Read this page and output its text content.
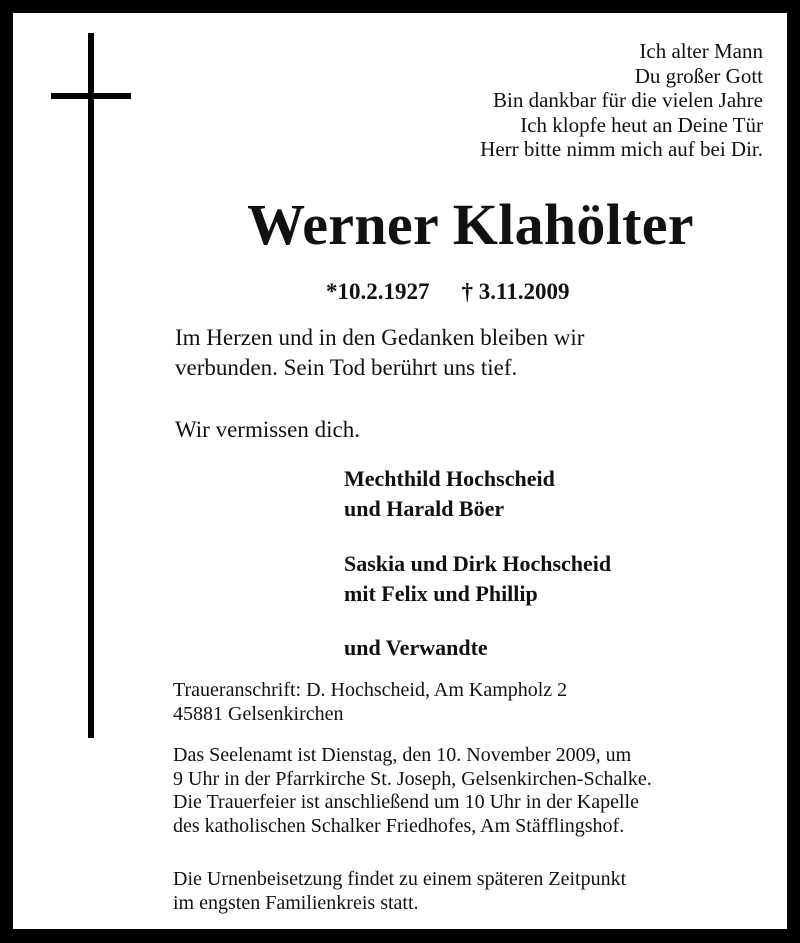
Ich alter Mann
Du großer Gott
Bin dankbar für die vielen Jahre
Ich klopfe heut an Deine Tür
Herr bitte nimm mich auf bei Dir.
Werner Klahölter
*10.2.1927 † 3.11.2009
Im Herzen und in den Gedanken bleiben wir
verbunden. Sein Tod berührt uns tief.
Wir vermissen dich.
Mechthild Hochscheid
und Harald Böer
Saskia und Dirk Hochscheid
mit Felix und Phillip
und Verwandte
Traueranschrift: D. Hochscheid, Am Kampholz 2
45881 Gelsenkirchen
Das Seelenamt ist Dienstag, den 10. November 2009, um
9 Uhr in der Pfarrkirche St. Joseph, Gelsenkirchen-Schalke.
Die Trauerfeier ist anschließend um 10 Uhr in der Kapelle
des katholischen Schalker Friedhofes, Am Stäfflingshof.
Die Urnenbeisetzung findet zu einem späteren Zeitpunkt
im engsten Familienkreis statt.
